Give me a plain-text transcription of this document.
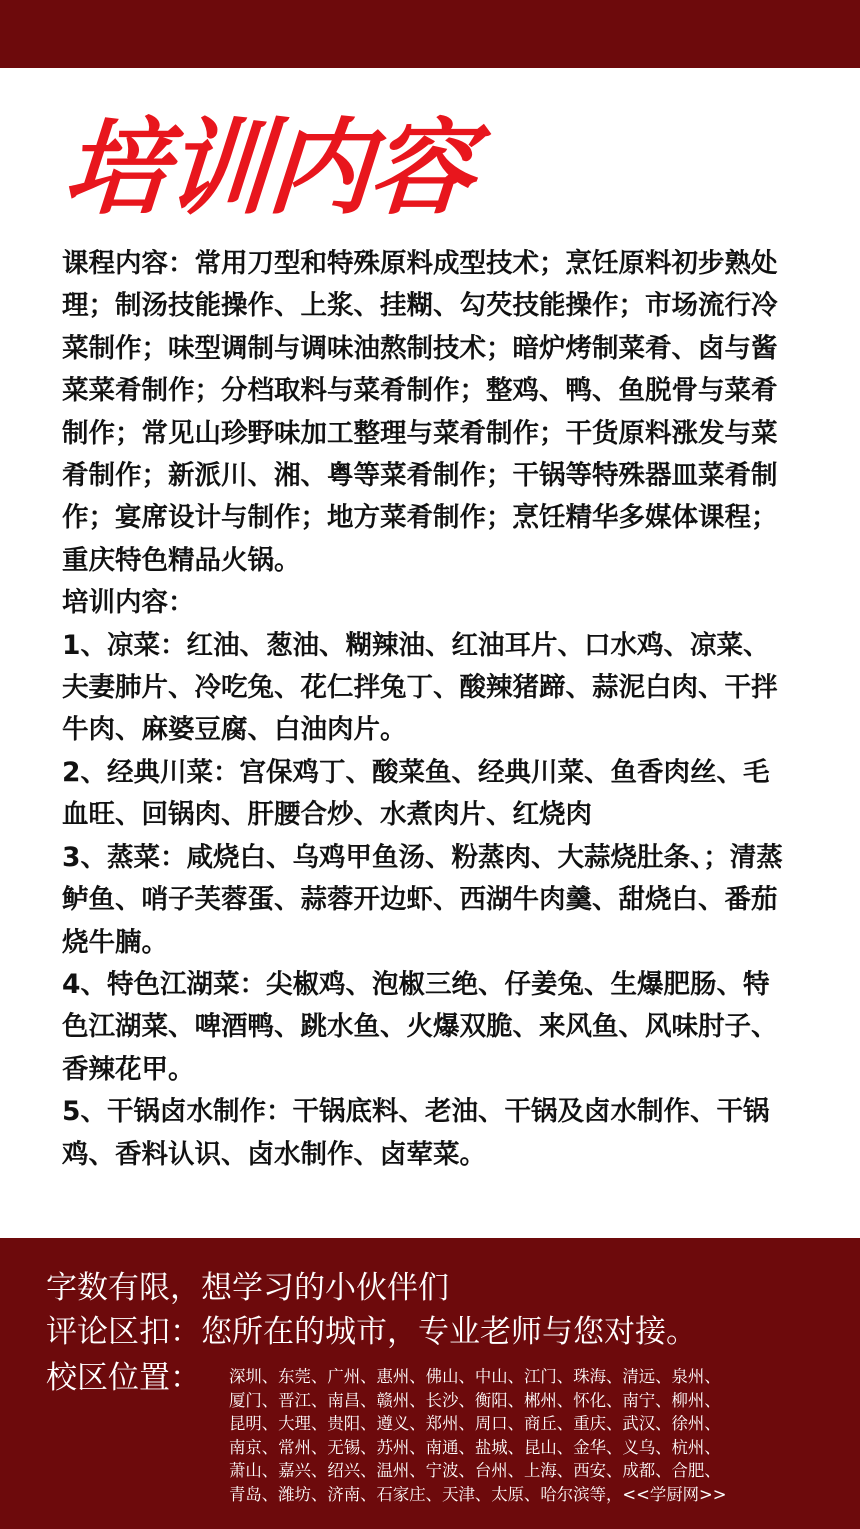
培训内容

课程内容：常用刀型和特殊原料成型技术；烹饪原料初步熟处理；制汤技能操作、上浆、挂糊、勾芡技能操作；市场流行冷菜制作；味型调制与调味油熬制技术；暗炉烤制菜肴、卤与酱菜菜肴制作；分档取料与菜肴制作；整鸡、鸭、鱼脱骨与菜肴制作；常见山珍野味加工整理与菜肴制作；干货原料涨发与菜肴制作；新派川、湘、粤等菜肴制作；干锅等特殊器皿菜肴制作；宴席设计与制作；地方菜肴制作；烹饪精华多媒体课程；重庆特色精品火锅。

培训内容：

1、凉菜：红油、葱油、糊辣油、红油耳片、口水鸡、凉菜、夫妻肺片、冷吃兔、花仁拌兔丁、酸辣猪蹄、蒜泥白肉、干拌牛肉、麻婆豆腐、白油肉片。

2、经典川菜：宫保鸡丁、酸菜鱼、经典川菜、鱼香肉丝、毛血旺、回锅肉、肝腰合炒、水煮肉片、红烧肉

3、蒸菜：咸烧白、乌鸡甲鱼汤、粉蒸肉、大蒜烧肚条、；清蒸鲈鱼、哨子芙蓉蛋、蒜蓉开边虾、西湖牛肉羹、甜烧白、番茄烧牛腩。

4、特色江湖菜：尖椒鸡、泡椒三绝、仔姜兔、生爆肥肠、特色江湖菜、啤酒鸭、跳水鱼、火爆双脆、来风鱼、风味肘子、香辣花甲。

5、干锅卤水制作：干锅底料、老油、干锅及卤水制作、干锅鸡、香料认识、卤水制作、卤荤菜。

字数有限，想学习的小伙伴们
评论区扣：您所在的城市，专业老师与您对接。
校区位置： 深圳、东莞、广州、惠州、佛山、中山、江门、珠海、清远、泉州、
厦门、晋江、南昌、赣州、长沙、衡阳、郴州、怀化、南宁、柳州、
昆明、大理、贵阳、遵义、郑州、周口、商丘、重庆、武汉、徐州、
南京、常州、无锡、苏州、南通、盐城、昆山、金华、义乌、杭州、
萧山、嘉兴、绍兴、温州、宁波、台州、上海、西安、成都、合肥、
青岛、潍坊、济南、石家庄、天津、太原、哈尔滨等，<<学厨网>>
